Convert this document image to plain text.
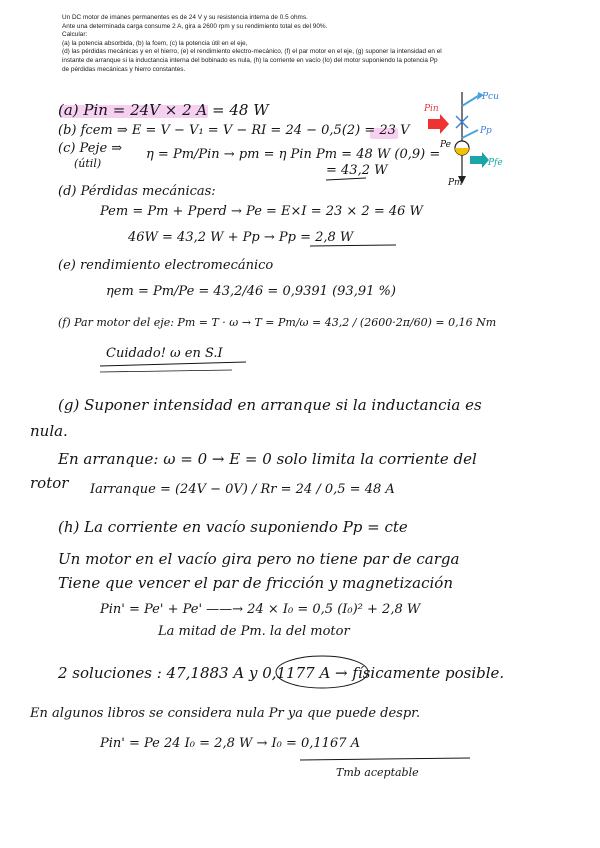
Un DC motor de imanes permanentes es de 24 V y su resistencia interna de 0.5 ohms.
Ante una determinada carga consume 2 A, gira a 2600 rpm y su rendimiento total es del 90%.
Calcular:
(a) la potencia absorbida, (b) la fcem, (c) la potencia útil en el eje,
(d) las pérdidas mecánicas y en el hierro, (e) el rendimiento electro-mecánico, (f) el par motor en el eje, (g) suponer la intensidad en el
instante de arranque si la inductancia interna del bobinado es nula, (h) la corriente en vacío (Io) del motor suponiendo la potencia Pp
de pérdidas mecánicas y hierro constantes.
Pcu
Pin
Pp
Pe
Pfe
Pm
(a) Pin = 24V × 2 A = 48 W
(b) fcem ⇒ E = V − V₁ = V − RI = 24 − 0,5(2) = 23 V
(c) Peje ⇒
(útil)
η = Pm/Pin → pm = η Pin Pm = 48 W (0,9) =
= 43,2 W
(d) Pérdidas mecánicas:
Pem = Pm + Pperd → Pe = E×I = 23 × 2 = 46 W
46W = 43,2 W + Pp → Pp = 2,8 W
(e) rendimiento electromecánico
ηem = Pm/Pe = 43,2/46 = 0,9391 (93,91 %)
(f) Par motor del eje: Pm = T · ω → T = Pm/ω = 43,2 / (2600·2π/60) = 0,16 Nm
Cuidado! ω en S.I
(g) Suponer intensidad en arranque si la inductancia es
nula.
En arranque: ω = 0 → E = 0 solo limita la corriente del
rotor Iarranque = (24V − 0V) / Rr = 24 / 0,5 = 48 A
(h) La corriente en vacío suponiendo Pp = cte
Un motor en el vacío gira pero no tiene par de carga
Tiene que vencer el par de fricción y magnetización
Pin' = Pe' + Pe' ——→ 24 × I₀ = 0,5 (I₀)² + 2,8 W
La mitad de Pm. la del motor
2 soluciones : 47,1883 A y 0,1177 A → físicamente posible.
En algunos libros se considera nula Pr ya que puede despr.
Pin' = Pe 24 I₀ = 2,8 W → I₀ = 0,1167 A
Tmb aceptable
